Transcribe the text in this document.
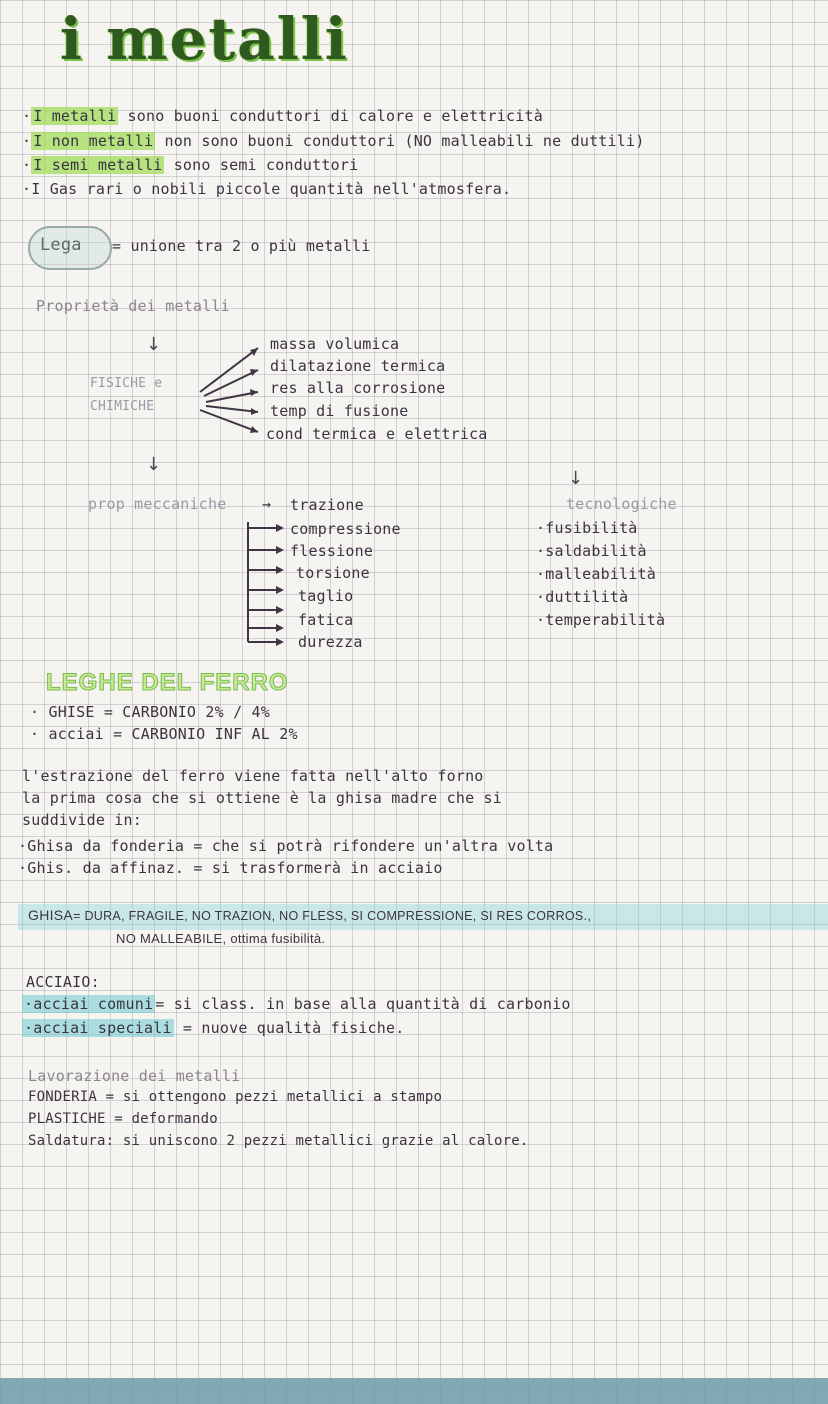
i metalli
· I metalli sono buoni conduttori di calore e elettricità
· I non metalli non sono buoni conduttori (NO malleabili ne duttili)
· I semi metalli sono semi conduttori
·I Gas rari o nobili piccole quantità nell'atmosfera.
Lega = unione tra 2 o più metalli
Proprietà dei metalli
↓
FISICHE e
CHIMICHE
massa volumica
dilatazione termica
res alla corrosione
temp di fusione
cond termica e elettrica
↓
prop meccaniche → trazione
compressione
flessione
torsione
taglio
fatica
durezza
↓
tecnologiche
·fusibilità
·saldabilità
·malleabilità
·duttilità
·temperabilità
LEGHE DEL FERRO
· GHISE = CARBONIO 2% / 4%
· acciai = CARBONIO INF AL 2%
l'estrazione del ferro viene fatta nell'alto forno
la prima cosa che si ottiene è la ghisa madre che si
suddivide in:
·Ghisa da fonderia = che si potrà rifondere un'altra volta
·Ghis. da affinaz. = si trasformerà in acciaio
GHISA= DURA, FRAGILE, NO TRAZION, NO FLESS, SI COMPRESSIONE, SI RES CORROS.,
NO MALLEABILE, ottima fusibilità.
ACCIAIO:
·acciai comuni = si class. in base alla quantità di carbonio
·acciai speciali = nuove qualità fisiche.
Lavorazione dei metalli
FONDERIA = si ottengono pezzi metallici a stampo
PLASTICHE = deformando
Saldatura: si uniscono 2 pezzi metallici grazie al calore.
